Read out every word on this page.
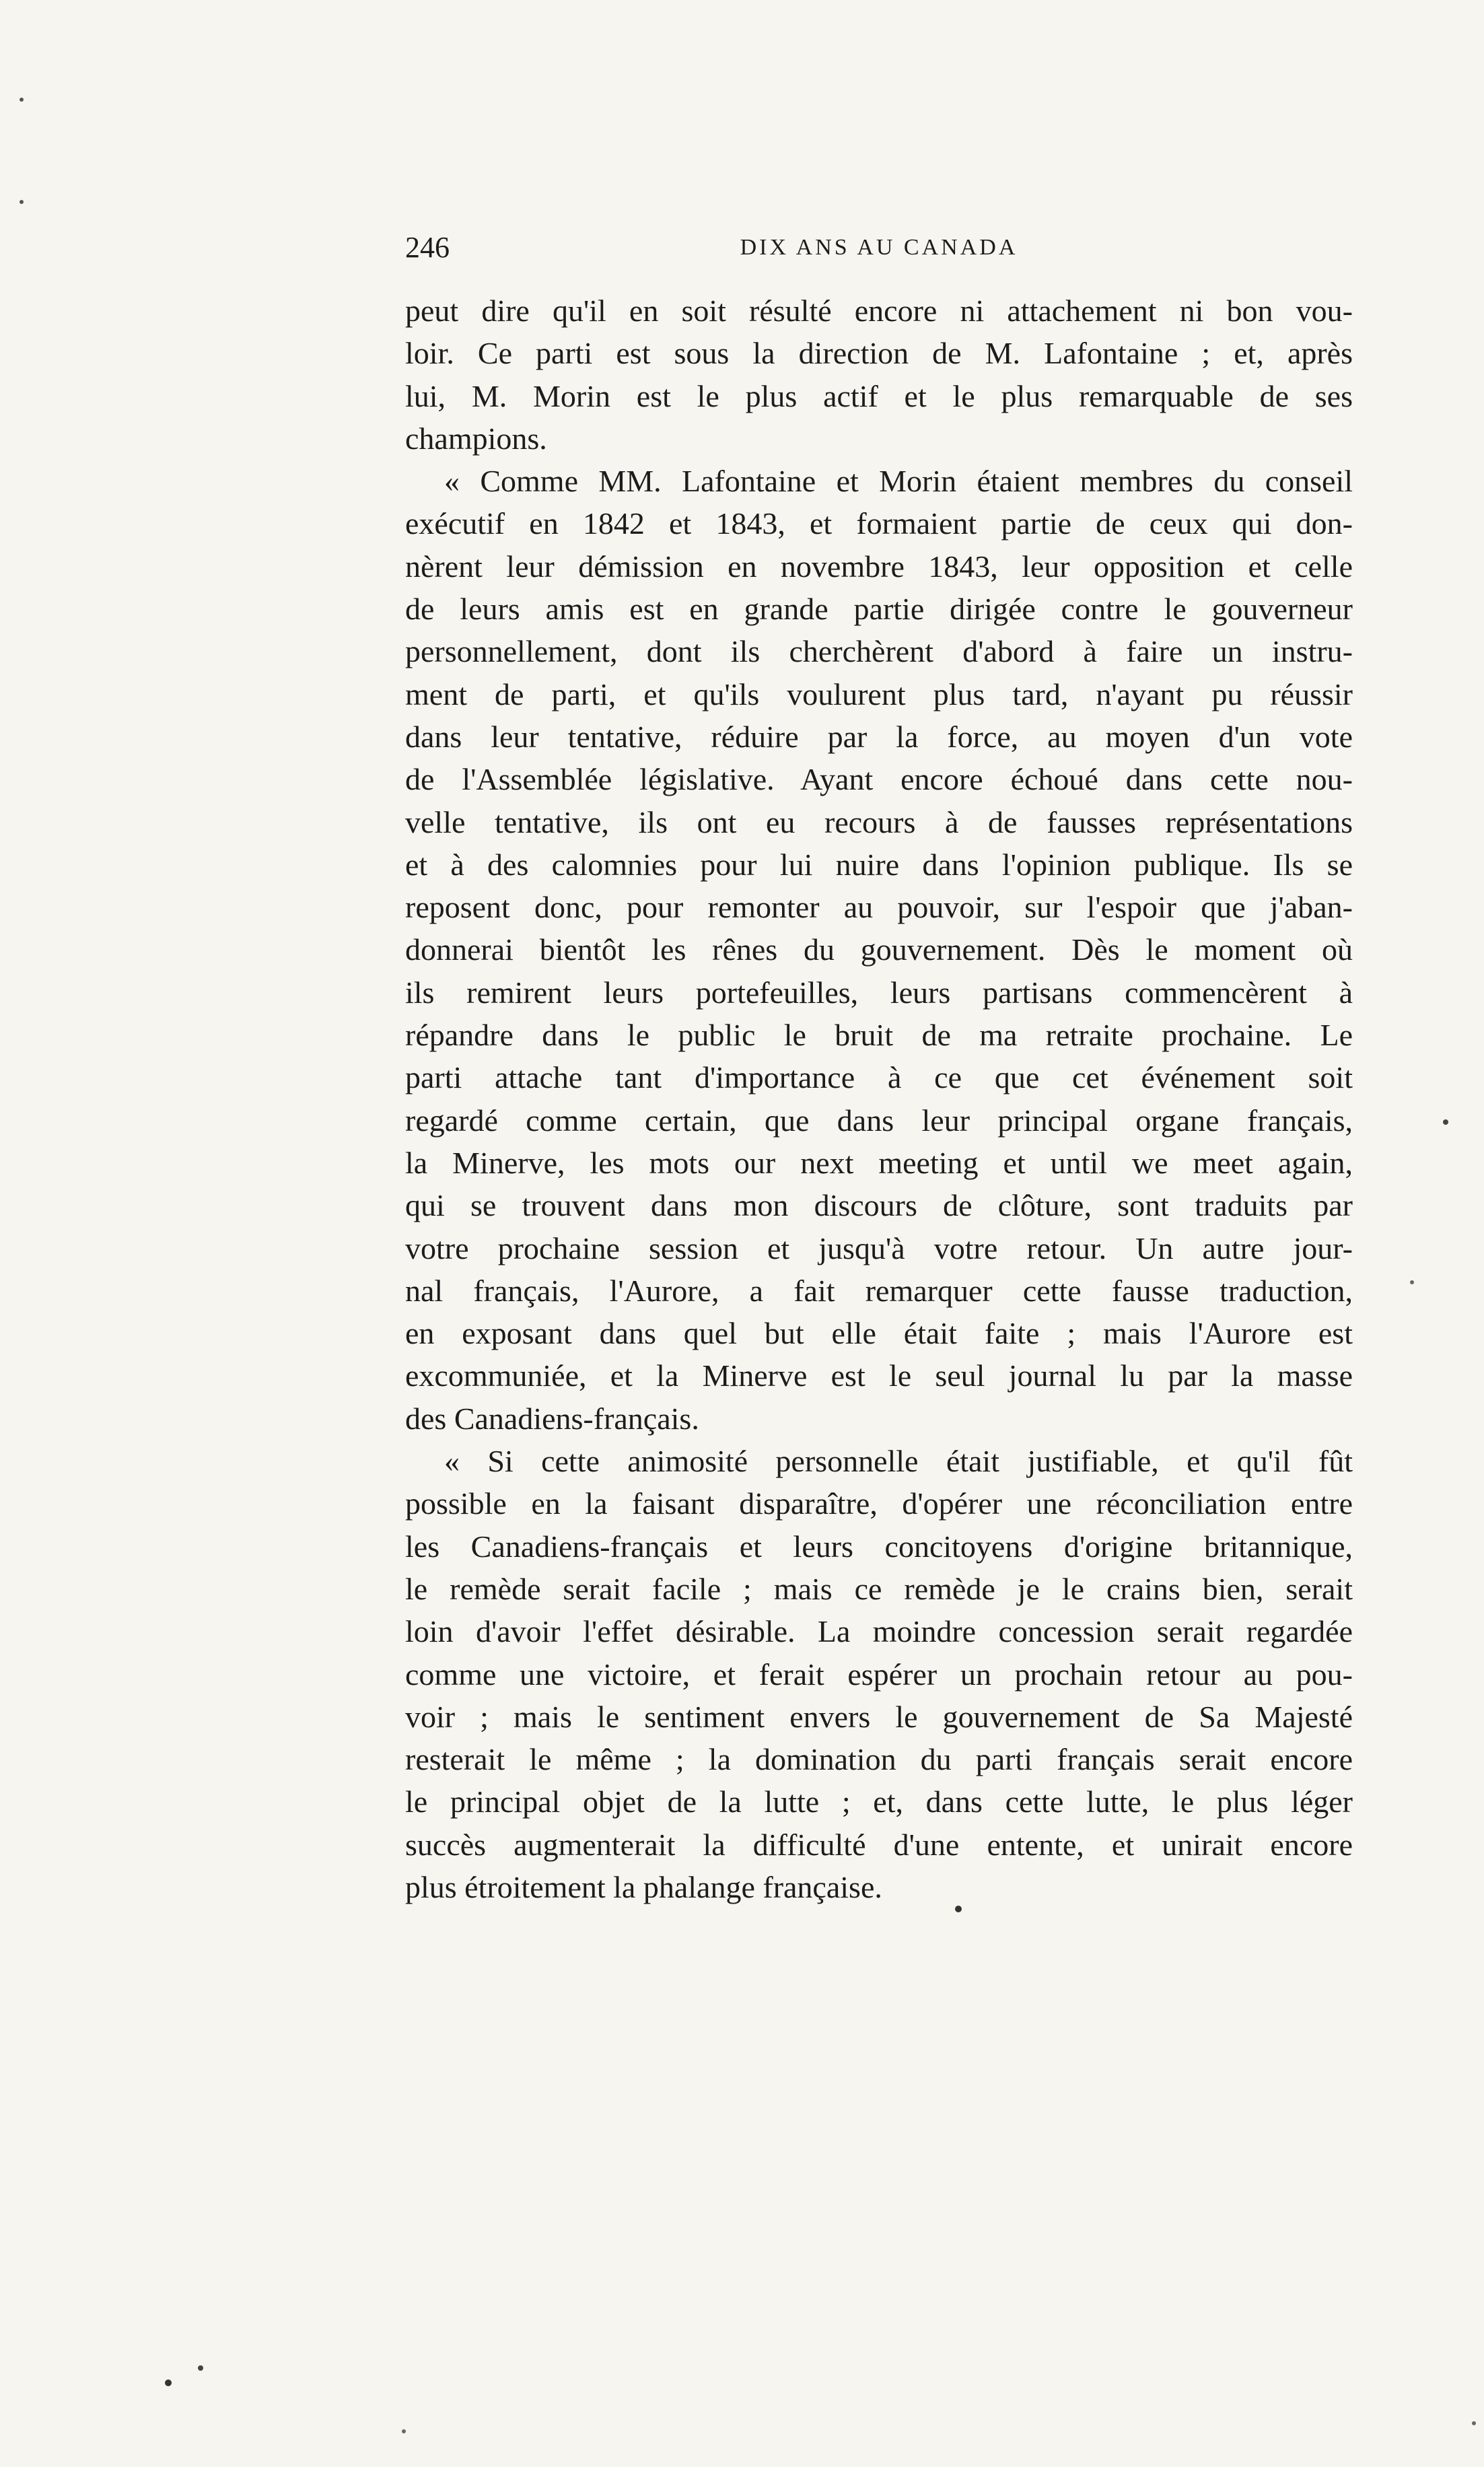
246	DIX ANS AU CANADA
peut dire qu'il en soit résulté encore ni attachement ni bon vou-
loir. Ce parti est sous la direction de M. Lafontaine ; et, après
lui, M. Morin est le plus actif et le plus remarquable de ses
champions.
« Comme MM. Lafontaine et Morin étaient membres du conseil
exécutif en 1842 et 1843, et formaient partie de ceux qui don-
nèrent leur démission en novembre 1843, leur opposition et celle
de leurs amis est en grande partie dirigée contre le gouverneur
personnellement, dont ils cherchèrent d'abord à faire un instru-
ment de parti, et qu'ils voulurent plus tard, n'ayant pu réussir
dans leur tentative, réduire par la force, au moyen d'un vote
de l'Assemblée législative. Ayant encore échoué dans cette nou-
velle tentative, ils ont eu recours à de fausses représentations
et à des calomnies pour lui nuire dans l'opinion publique. Ils se
reposent donc, pour remonter au pouvoir, sur l'espoir que j'aban-
donnerai bientôt les rênes du gouvernement. Dès le moment où
ils remirent leurs portefeuilles, leurs partisans commencèrent à
répandre dans le public le bruit de ma retraite prochaine. Le
parti attache tant d'importance à ce que cet événement soit
regardé comme certain, que dans leur principal organe français,
la Minerve, les mots our next meeting et until we meet again,
qui se trouvent dans mon discours de clôture, sont traduits par
votre prochaine session et jusqu'à votre retour. Un autre jour-
nal français, l'Aurore, a fait remarquer cette fausse traduction,
en exposant dans quel but elle était faite ; mais l'Aurore est
excommuniée, et la Minerve est le seul journal lu par la masse
des Canadiens-français.
« Si cette animosité personnelle était justifiable, et qu'il fût
possible en la faisant disparaître, d'opérer une réconciliation entre
les Canadiens-français et leurs concitoyens d'origine britannique,
le remède serait facile ; mais ce remède je le crains bien, serait
loin d'avoir l'effet désirable. La moindre concession serait regardée
comme une victoire, et ferait espérer un prochain retour au pou-
voir ; mais le sentiment envers le gouvernement de Sa Majesté
resterait le même ; la domination du parti français serait encore
le principal objet de la lutte ; et, dans cette lutte, le plus léger
succès augmenterait la difficulté d'une entente, et unirait encore
plus étroitement la phalange française.
